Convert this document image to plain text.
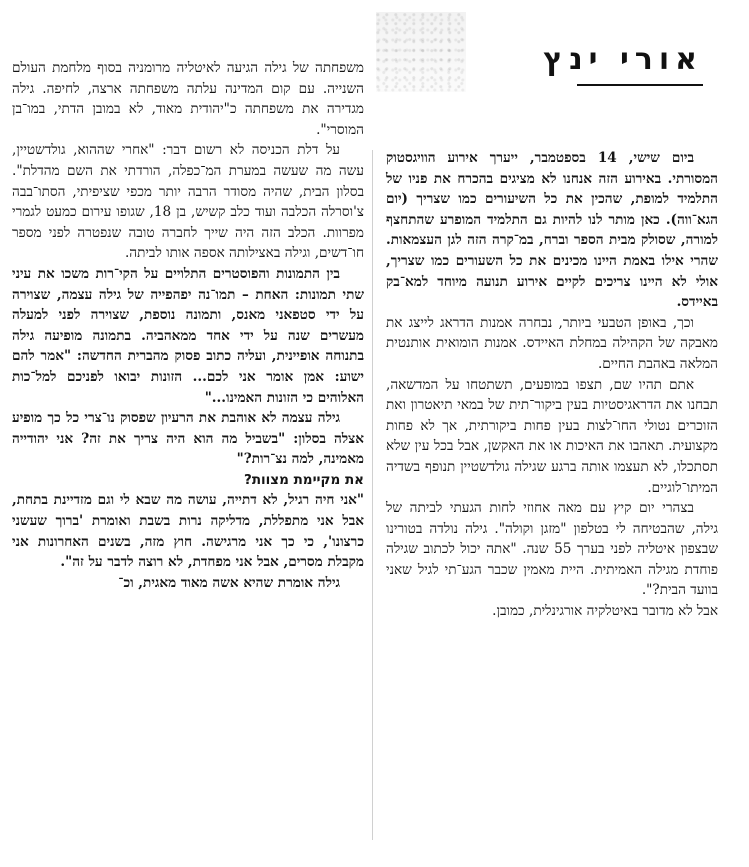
אורי ינץ

משפחתה של גילה הגיעה לאיטליה מרומניה בסוף מלחמת העולם השנייה. עם קום המדינה עלתה משפחתה ארצה, לחיפה. גילה מגדירה את משפחתה כ"יהודית מאוד, לא במובן הדתי, במו־בן המוסרי".

על דלת הכניסה לא רשום דבר: "אחרי שההוא, גולדשטיין, עשה מה שעשה במערת המ־כפלה, הורדתי את השם מהדלת". בסלון הבית, שהיה מסודר הרבה יותר מכפי שציפיתי, הסתו־בבה צ'וסרלה הכלבה ועוד כלב קשיש, בן 18, שגופו עירום כמעט לגמרי מפרוות. הכלב הזה היה שייך לחברה טובה שנפטרה לפני מספר חו־דשים, וגילה באצילותה אספה אותו לביתה.

בין התמונות והפוסטרים התלויים על הקי־רות משכו את עיני שתי תמונות: האחת – תמו־נה יפהפייה של גילה עצמה, שצוירה על ידי סטפאני מאנס, ותמונה נוספת, שצוירה לפני למעלה מעשרים שנה על ידי אחד ממאהביה. בתמונה מופיעה גילה בתנוחה אופיינית, ועליה כתוב פסוק מהברית החדשה: "אמר להם ישוע: אמן אומר אני לכם... הזונות יבואו לפניכם למל־כות האלוהים כי הזונות האמינו..."

גילה עצמה לא אוהבת את הרעיון שפסוק נו־צרי כל כך מופיע אצלה בסלון: "בשביל מה הוא היה צריך את זה? אני יהודייה מאמינה, למה נצ־רות?"

את מקיימת מצוות?

"אני חיה רגיל, לא דתייה, עושה מה שבא לי וגם מזדיינת בתחת, אבל אני מתפללת, מדליקה נרות בשבת ואומרת 'ברוך שעשני כרצונו', כי כך אני מרגישה. חוץ מזה, בשנים האחרונות אני מקבלת מסרים, אבל אני מפחדת, לא רוצה לדבר על זה".

גילה אומרת שהיא אשה מאוד מאגית, וכ־

ביום שישי, 14 בספטמבר, ייערך אירוע הוויגסטוק המסורתי. באירוע הזה אנחנו לא מציגים בהכרח את פניו של התלמיד למופת, שהכין את כל השיעורים כמו שצריך (יום הגא־ווה). כאן מותר לנו להיות גם התלמיד המופרע שהתחצף למורה, שסולק מבית הספר וברח, במ־קרה הזה לגן העצמאות. שהרי אילו באמת היינו מכינים את כל השעורים כמו שצריך, אולי לא היינו צריכים לקיים אירוע תנועה מיוחד למא־בק באיידס.

וכך, באופן הטבעי ביותר, נבחרה אמנות הדראג לייצג את מאבקה של הקהילה במחלת האיידס. אמנות הומואית אותנטית המלאה באהבת החיים.

אתם תהיו שם, תצפו במופעים, תשתטחו על המדשאה, תבחנו את הדראגיסטיות בעין ביקור־תית של במאי תיאטרון ואת הזוכרים נטולי החו־לצות בעין פחות ביקורתית, אך לא פחות מקצועית. תאהבו את האיכות או את האקשן, אבל בכל עין שלא תסתכלו, לא תעצמו אותה ברגע שגילה גולדשטיין תנופף בשדיה המיתו־לוגיים.

בצהרי יום קיץ עם מאה אחוזי לחות הגעתי לביתה של גילה, שהבטיחה לי בטלפון "מזגן וקולה". גילה נולדה בטורינו שבצפון איטליה לפני בערך 55 שנה. "אתה יכול לכתוב שגילה פוחדת מגילה האמיתית. היית מאמין שכבר הגע־תי לגיל שאני בוועד הבית?".

אבל לא מדובר באיטלקיה אורגינלית, כמובן.
